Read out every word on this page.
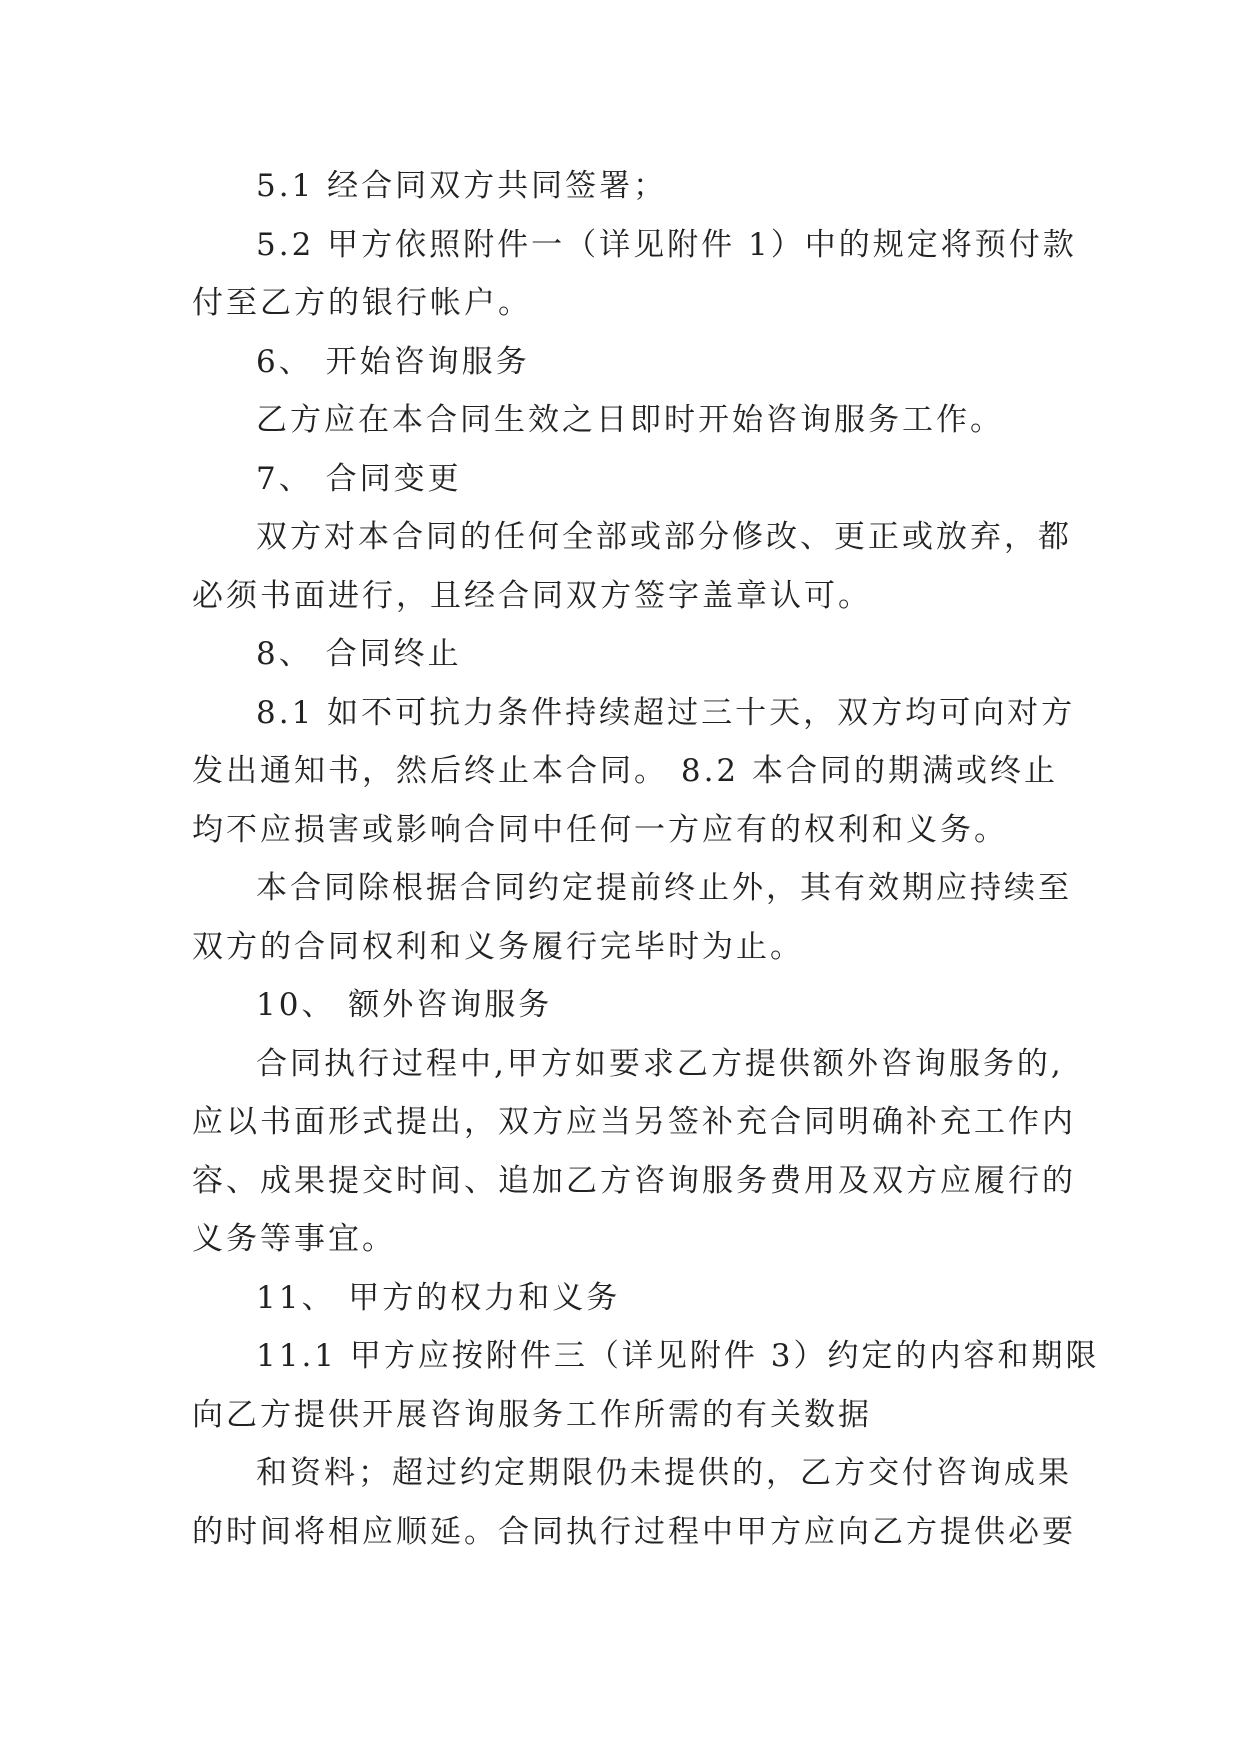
5.1 经合同双方共同签署；
5.2 甲方依照附件一（详见附件 1）中的规定将预付款
付至乙方的银行帐户。
6、 开始咨询服务
乙方应在本合同生效之日即时开始咨询服务工作。
7、 合同变更
双方对本合同的任何全部或部分修改、更正或放弃，都
必须书面进行，且经合同双方签字盖章认可。
8、 合同终止
8.1 如不可抗力条件持续超过三十天，双方均可向对方
发出通知书，然后终止本合同。 8.2 本合同的期满或终止
均不应损害或影响合同中任何一方应有的权利和义务。
本合同除根据合同约定提前终止外，其有效期应持续至
双方的合同权利和义务履行完毕时为止。
10、 额外咨询服务
合同执行过程中,甲方如要求乙方提供额外咨询服务的,
应以书面形式提出，双方应当另签补充合同明确补充工作内
容、成果提交时间、追加乙方咨询服务费用及双方应履行的
义务等事宜。
11、 甲方的权力和义务
11.1 甲方应按附件三（详见附件 3）约定的内容和期限
向乙方提供开展咨询服务工作所需的有关数据
和资料；超过约定期限仍未提供的，乙方交付咨询成果
的时间将相应顺延。合同执行过程中甲方应向乙方提供必要
